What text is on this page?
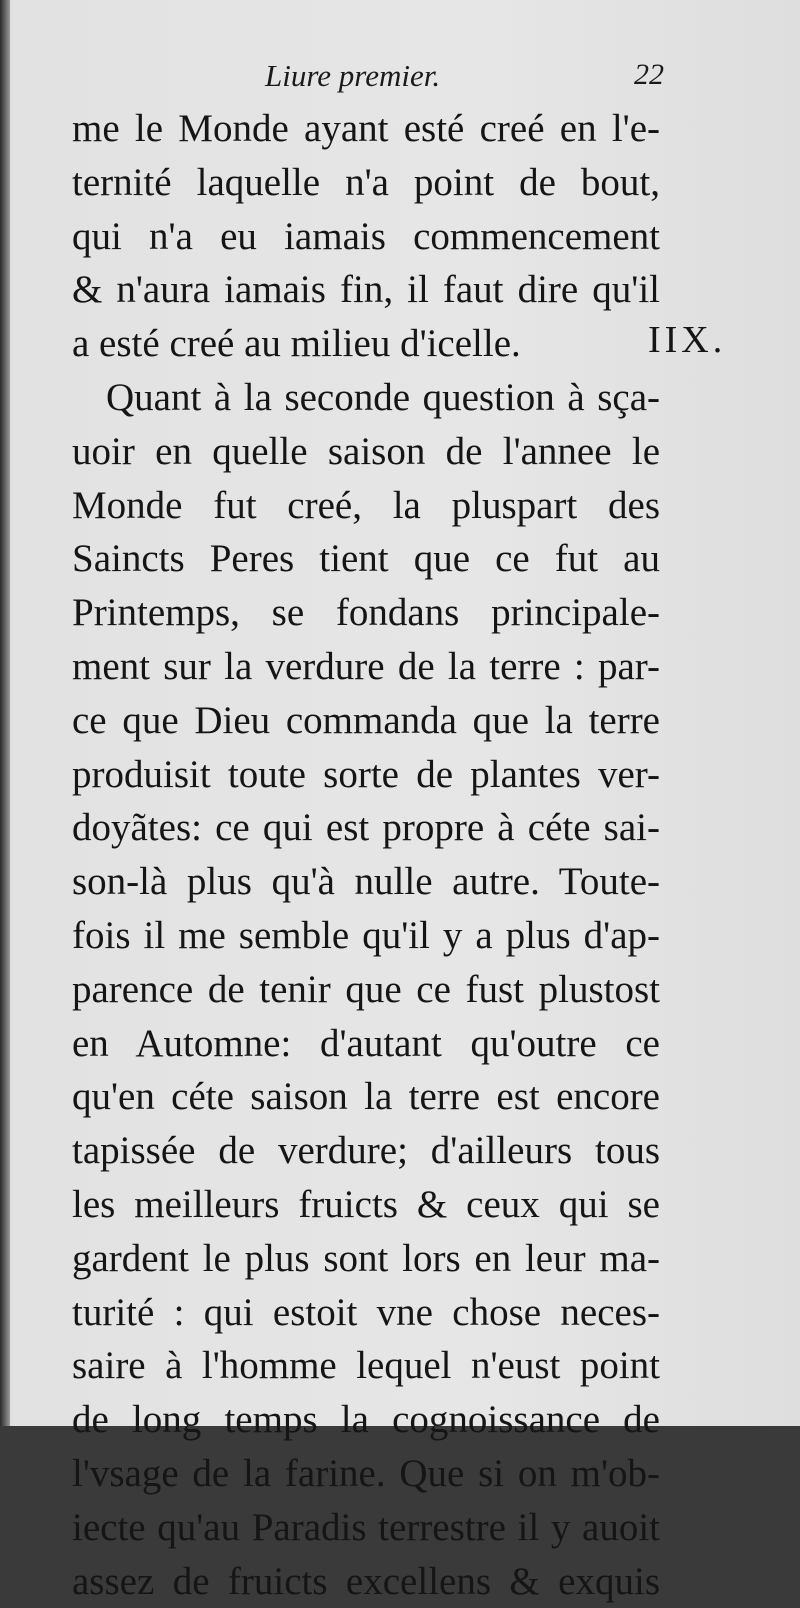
Liure premier.	22
IIX.
me le Monde ayant esté creé en l'e-
ternité laquelle n'a point de bout,
qui n'a eu iamais commencement
& n'aura iamais fin, il faut dire qu'il
a esté creé au milieu d'icelle.
Quant à la seconde question à sça-
uoir en quelle saison de l'annee le
Monde fut creé, la pluspart des
Saincts Peres tient que ce fut au
Printemps, se fondans principale-
ment sur la verdure de la terre : par-
ce que Dieu commanda que la terre
produisit toute sorte de plantes ver-
doyãtes: ce qui est propre à céte sai-
son-là plus qu'à nulle autre. Toute-
fois il me semble qu'il y a plus d'ap-
parence de tenir que ce fust plustost
en Automne: d'autant qu'outre ce
qu'en céte saison la terre est encore
tapissée de verdure; d'ailleurs tous
les meilleurs fruicts & ceux qui se
gardent le plus sont lors en leur ma-
turité : qui estoit vne chose neces-
saire à l'homme lequel n'eust point
de long temps la cognoissance de
l'vsage de la farine. Que si on m'ob-
iecte qu'au Paradis terrestre il y auoit
assez de fruicts excellens & exquis
